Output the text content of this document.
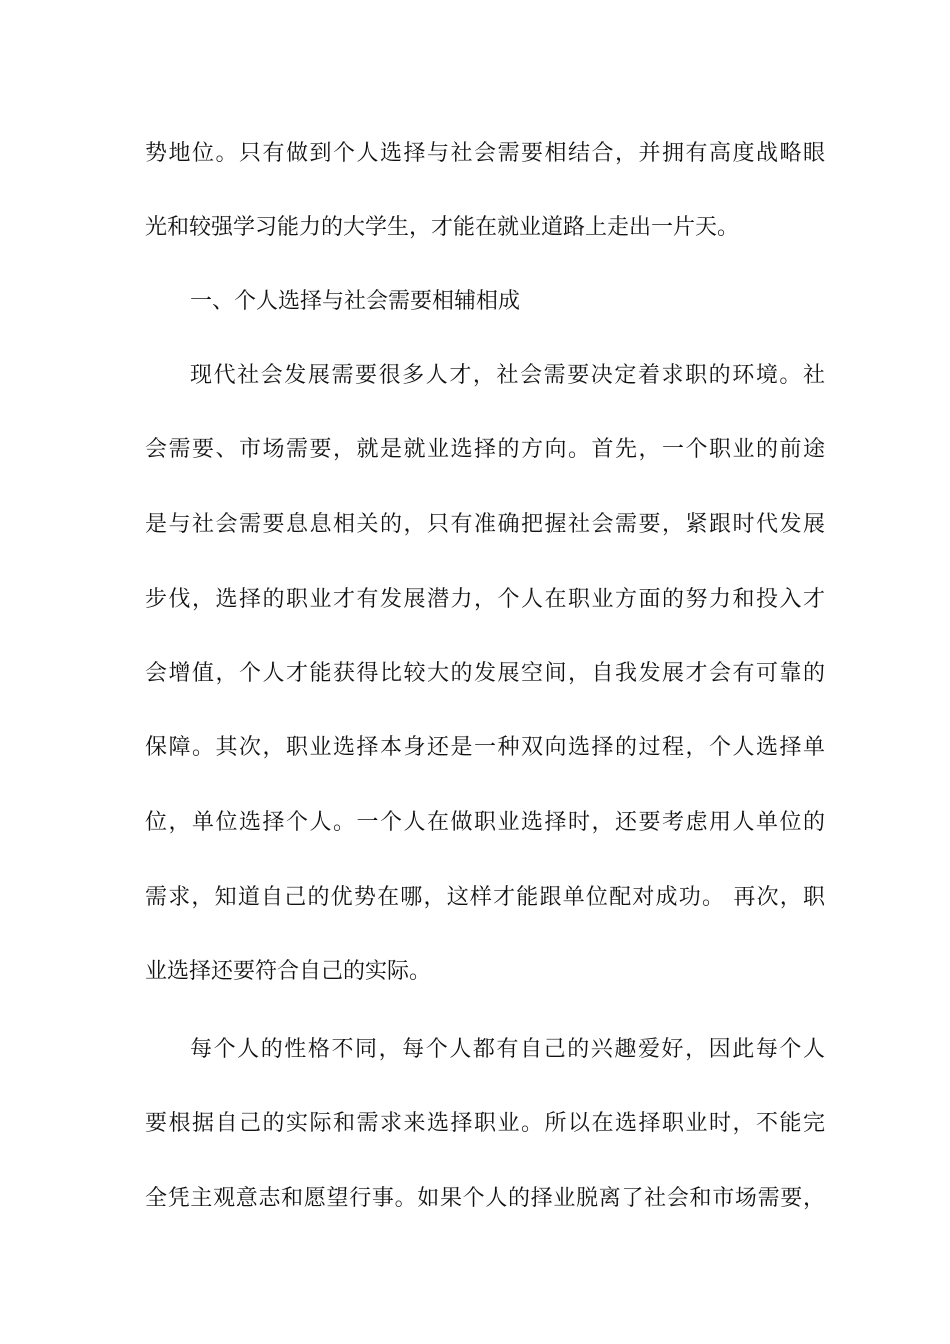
势地位。只有做到个人选择与社会需要相结合，并拥有高度战略眼
光和较强学习能力的大学生，才能在就业道路上走出一片天。
一、个人选择与社会需要相辅相成
现代社会发展需要很多人才，社会需要决定着求职的环境。社
会需要、市场需要，就是就业选择的方向。首先，一个职业的前途
是与社会需要息息相关的，只有准确把握社会需要，紧跟时代发展
步伐，选择的职业才有发展潜力，个人在职业方面的努力和投入才
会增值，个人才能获得比较大的发展空间，自我发展才会有可靠的
保障。其次，职业选择本身还是一种双向选择的过程，个人选择单
位，单位选择个人。一个人在做职业选择时，还要考虑用人单位的
需求，知道自己的优势在哪，这样才能跟单位配对成功。 再次，职
业选择还要符合自己的实际。
每个人的性格不同，每个人都有自己的兴趣爱好，因此每个人
要根据自己的实际和需求来选择职业。所以在选择职业时，不能完
全凭主观意志和愿望行事。如果个人的择业脱离了社会和市场需要，
